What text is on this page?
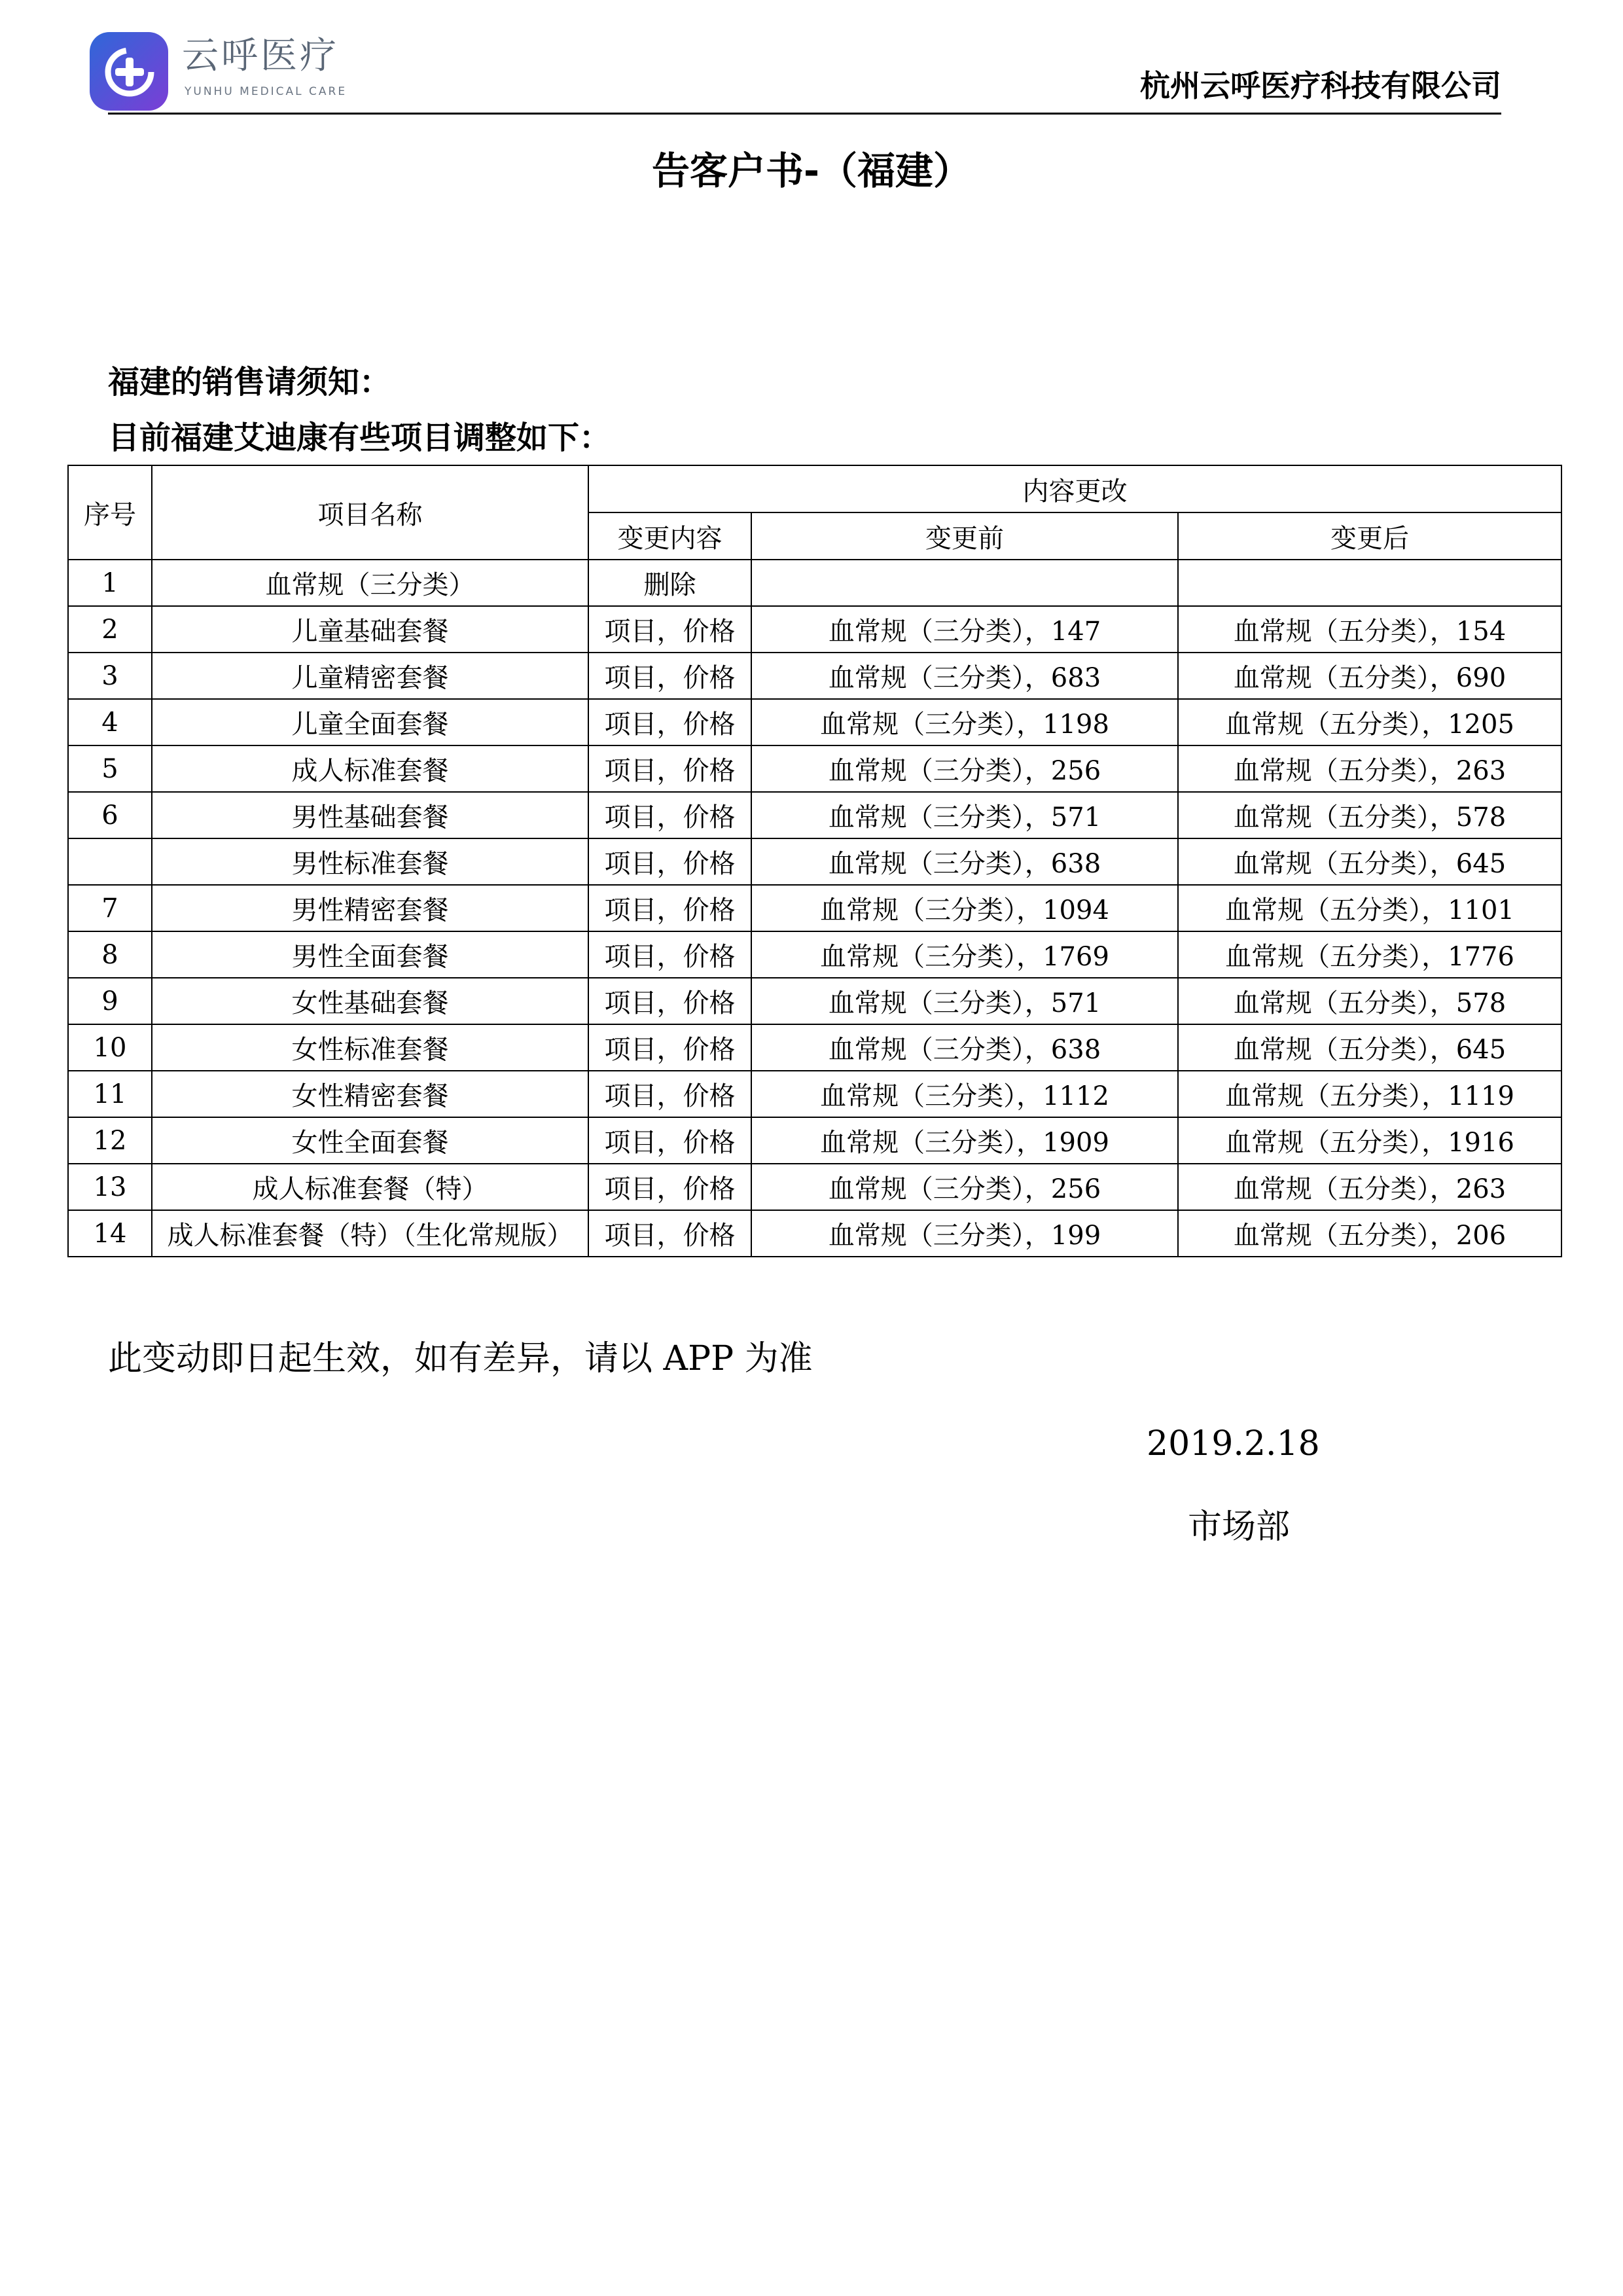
云呼医疗
YUNHU MEDICAL CARE	杭州云呼医疗科技有限公司
告客户书-（福建）
福建的销售请须知：
目前福建艾迪康有些项目调整如下：
序号	项目名称	内容更改		
		变更内容	变更前	变更后
1	血常规（三分类）	删除		
2	儿童基础套餐	项目，价格	血常规（三分类），147	血常规（五分类），154
3	儿童精密套餐	项目，价格	血常规（三分类），683	血常规（五分类），690
4	儿童全面套餐	项目，价格	血常规（三分类），1198	血常规（五分类），1205
5	成人标准套餐	项目，价格	血常规（三分类），256	血常规（五分类），263
6	男性基础套餐	项目，价格	血常规（三分类），571	血常规（五分类），578
	男性标准套餐	项目，价格	血常规（三分类），638	血常规（五分类），645
7	男性精密套餐	项目，价格	血常规（三分类），1094	血常规（五分类），1101
8	男性全面套餐	项目，价格	血常规（三分类），1769	血常规（五分类），1776
9	女性基础套餐	项目，价格	血常规（三分类），571	血常规（五分类），578
10	女性标准套餐	项目，价格	血常规（三分类），638	血常规（五分类），645
11	女性精密套餐	项目，价格	血常规（三分类），1112	血常规（五分类），1119
12	女性全面套餐	项目，价格	血常规（三分类），1909	血常规（五分类），1916
13	成人标准套餐（特）	项目，价格	血常规（三分类），256	血常规（五分类），263
14	成人标准套餐（特）（生化常规版）	项目，价格	血常规（三分类），199	血常规（五分类），206
此变动即日起生效，如有差异，请以 APP 为准
2019.2.18
市场部
